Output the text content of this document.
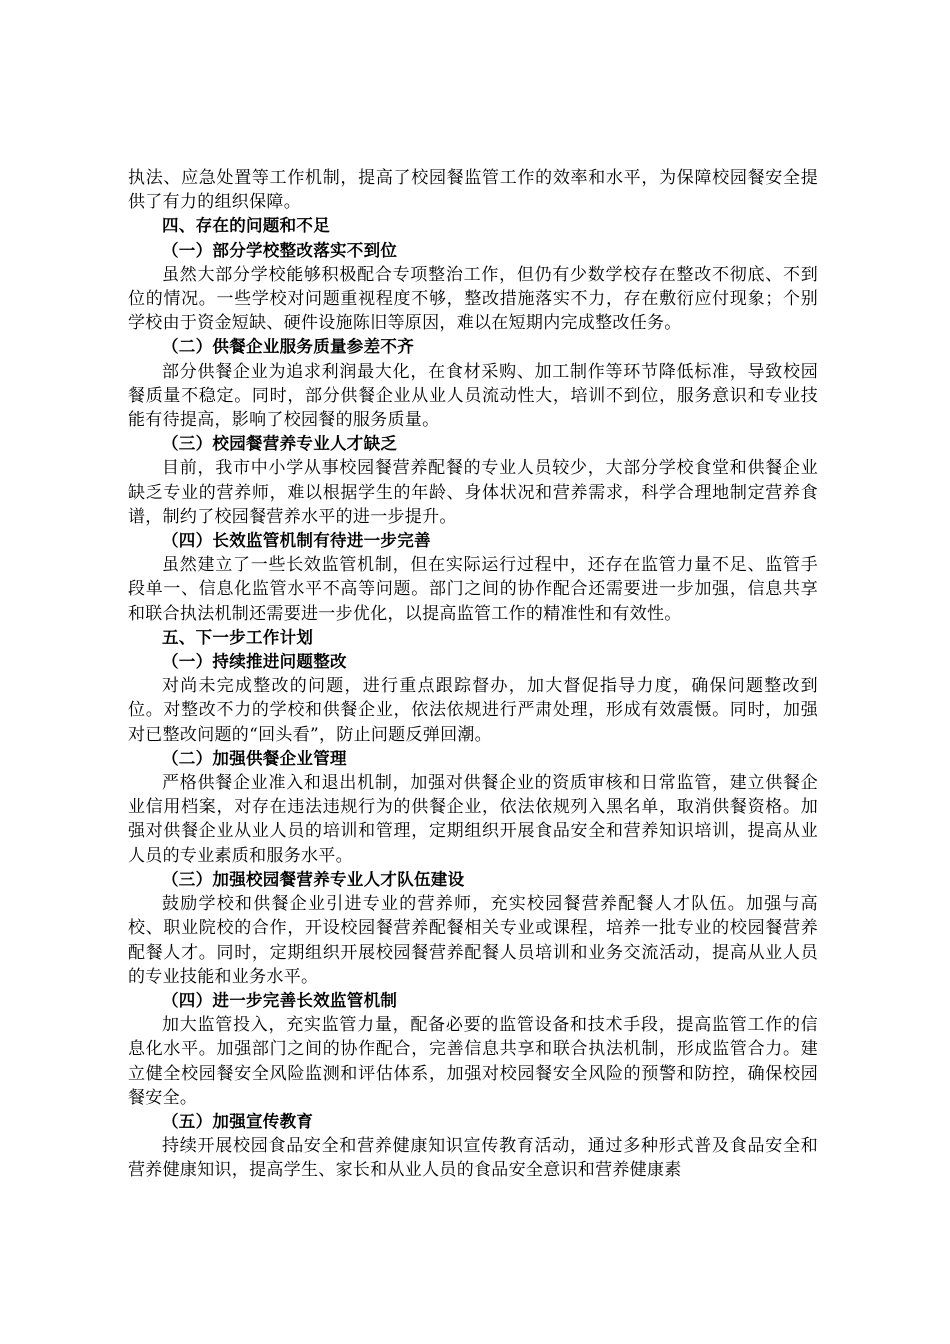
执法、应急处置等工作机制，提高了校园餐监管工作的效率和水平，为保障校园餐安全提供了有力的组织保障。

四、存在的问题和不足

（一）部分学校整改落实不到位

虽然大部分学校能够积极配合专项整治工作，但仍有少数学校存在整改不彻底、不到位的情况。一些学校对问题重视程度不够，整改措施落实不力，存在敷衍应付现象；个别学校由于资金短缺、硬件设施陈旧等原因，难以在短期内完成整改任务。

（二）供餐企业服务质量参差不齐

部分供餐企业为追求利润最大化，在食材采购、加工制作等环节降低标准，导致校园餐质量不稳定。同时，部分供餐企业从业人员流动性大，培训不到位，服务意识和专业技能有待提高，影响了校园餐的服务质量。

（三）校园餐营养专业人才缺乏

目前，我市中小学从事校园餐营养配餐的专业人员较少，大部分学校食堂和供餐企业缺乏专业的营养师，难以根据学生的年龄、身体状况和营养需求，科学合理地制定营养食谱，制约了校园餐营养水平的进一步提升。

（四）长效监管机制有待进一步完善

虽然建立了一些长效监管机制，但在实际运行过程中，还存在监管力量不足、监管手段单一、信息化监管水平不高等问题。部门之间的协作配合还需要进一步加强，信息共享和联合执法机制还需要进一步优化，以提高监管工作的精准性和有效性。

五、下一步工作计划

（一）持续推进问题整改

对尚未完成整改的问题，进行重点跟踪督办，加大督促指导力度，确保问题整改到位。对整改不力的学校和供餐企业，依法依规进行严肃处理，形成有效震慑。同时，加强对已整改问题的“回头看”，防止问题反弹回潮。

（二）加强供餐企业管理

严格供餐企业准入和退出机制，加强对供餐企业的资质审核和日常监管，建立供餐企业信用档案，对存在违法违规行为的供餐企业，依法依规列入黑名单，取消供餐资格。加强对供餐企业从业人员的培训和管理，定期组织开展食品安全和营养知识培训，提高从业人员的专业素质和服务水平。

（三）加强校园餐营养专业人才队伍建设

鼓励学校和供餐企业引进专业的营养师，充实校园餐营养配餐人才队伍。加强与高校、职业院校的合作，开设校园餐营养配餐相关专业或课程，培养一批专业的校园餐营养配餐人才。同时，定期组织开展校园餐营养配餐人员培训和业务交流活动，提高从业人员的专业技能和业务水平。

（四）进一步完善长效监管机制

加大监管投入，充实监管力量，配备必要的监管设备和技术手段，提高监管工作的信息化水平。加强部门之间的协作配合，完善信息共享和联合执法机制，形成监管合力。建立健全校园餐安全风险监测和评估体系，加强对校园餐安全风险的预警和防控，确保校园餐安全。

（五）加强宣传教育

持续开展校园食品安全和营养健康知识宣传教育活动，通过多种形式普及食品安全和营养健康知识，提高学生、家长和从业人员的食品安全意识和营养健康素
